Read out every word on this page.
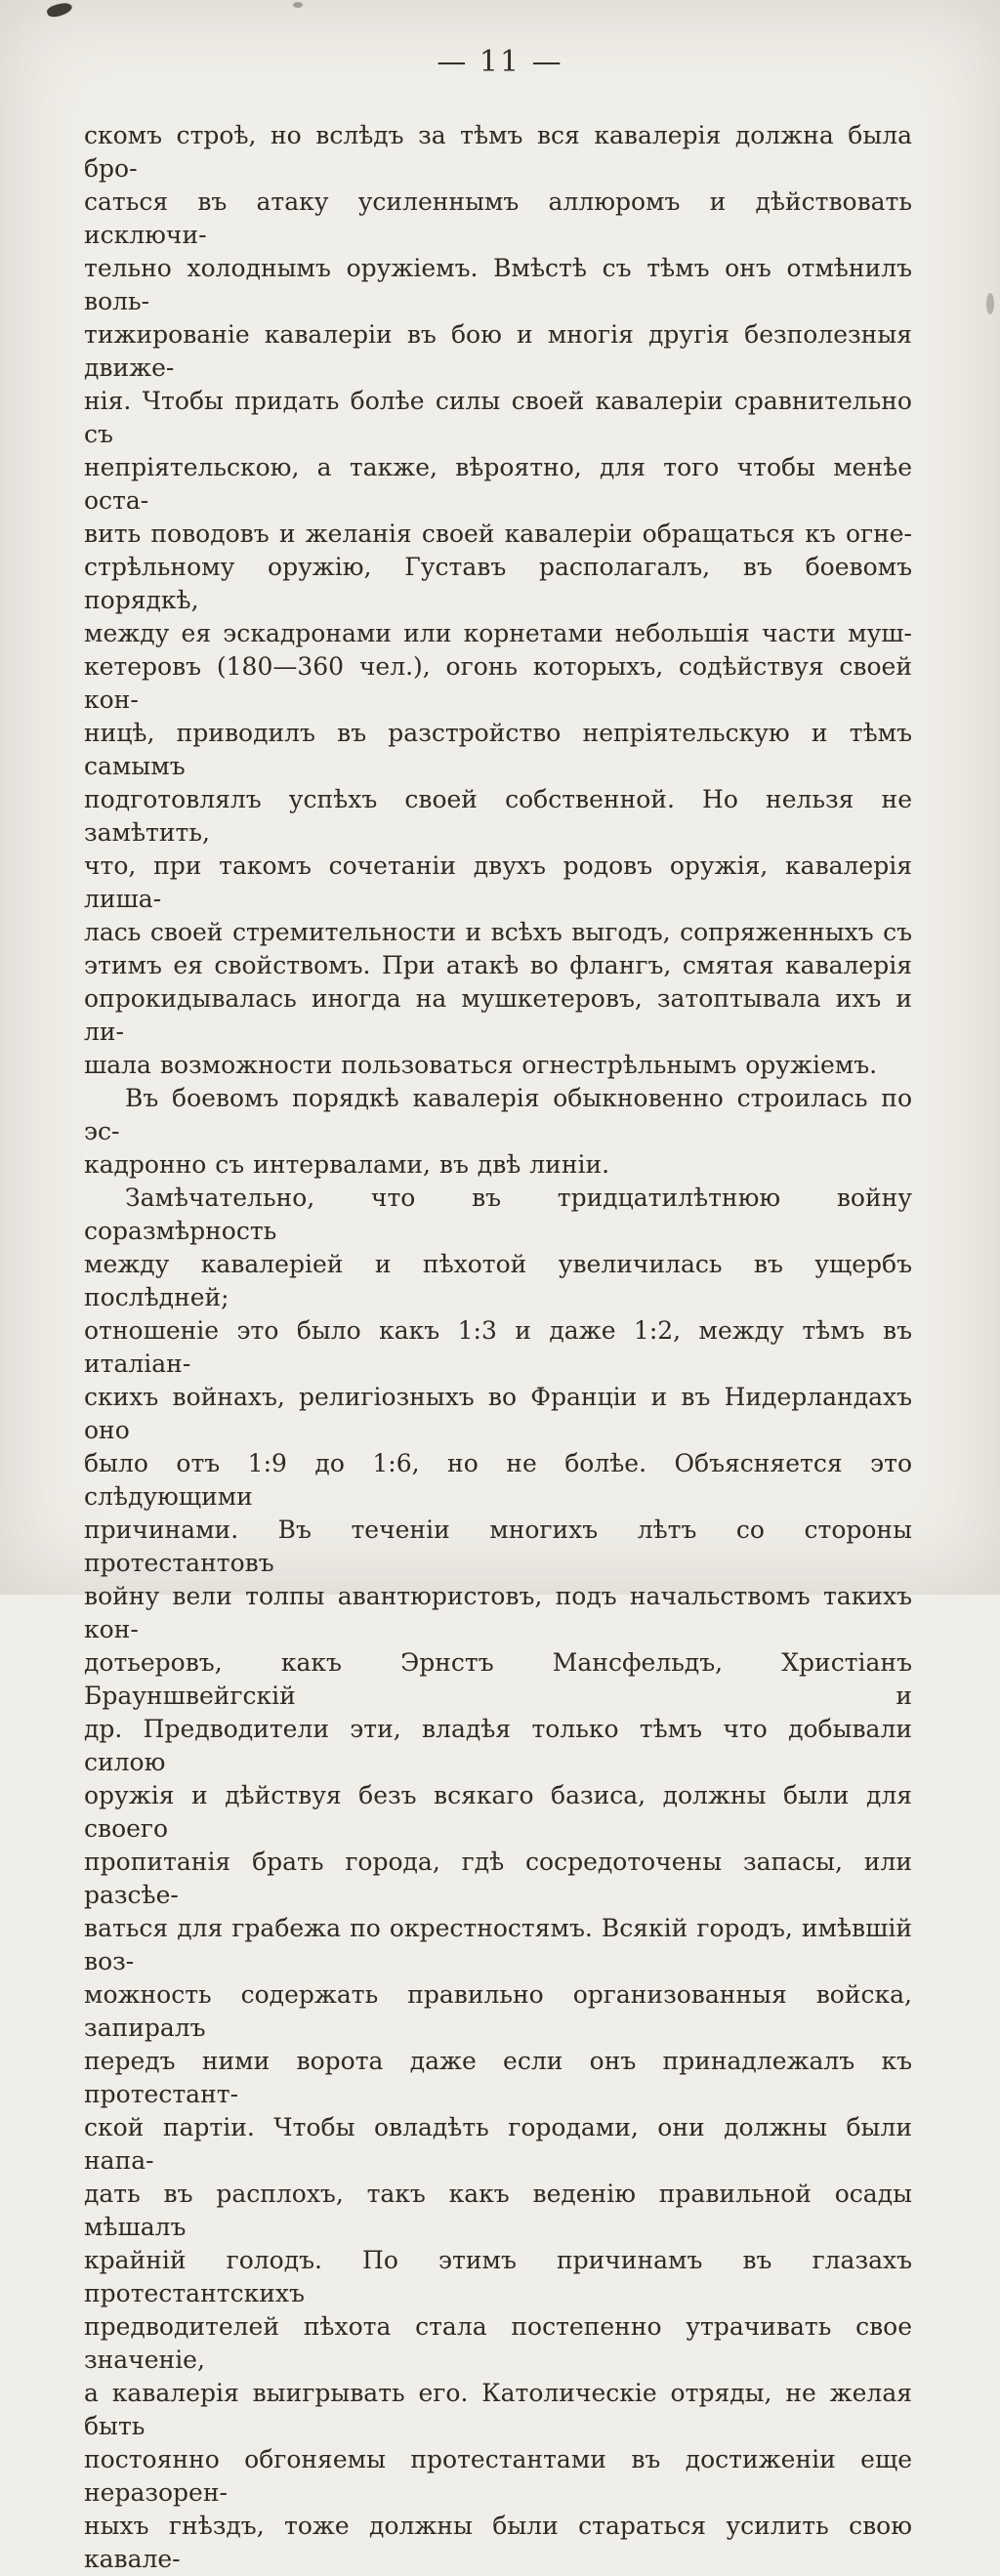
— 11 —
скомъ строѣ, но вслѣдъ за тѣмъ вся кавалерія должна была бро-
саться въ атаку усиленнымъ аллюромъ и дѣйствовать исключи-
тельно холоднымъ оружіемъ. Вмѣстѣ съ тѣмъ онъ отмѣнилъ воль-
тижированіе кавалеріи въ бою и многія другія безполезныя движе-
нія. Чтобы придать болѣе силы своей кавалеріи сравнительно съ
непріятельскою, а также, вѣроятно, для того чтобы менѣе оста-
вить поводовъ и желанія своей кавалеріи обращаться къ огне-
стрѣльному оружію, Густавъ располагалъ, въ боевомъ порядкѣ,
между ея эскадронами или корнетами небольшія части муш-
кетеровъ (180—360 чел.), огонь которыхъ, содѣйствуя своей кон-
ницѣ, приводилъ въ разстройство непріятельскую и тѣмъ самымъ
подготовлялъ успѣхъ своей собственной. Но нельзя не замѣтить,
что, при такомъ сочетаніи двухъ родовъ оружія, кавалерія лиша-
лась своей стремительности и всѣхъ выгодъ, сопряженныхъ съ
этимъ ея свойствомъ. При атакѣ во флангъ, смятая кавалерія
опрокидывалась иногда на мушкетеровъ, затоптывала ихъ и ли-
шала возможности пользоваться огнестрѣльнымъ оружіемъ.
Въ боевомъ порядкѣ кавалерія обыкновенно строилась по эс-
кадронно съ интервалами, въ двѣ линіи.
Замѣчательно, что въ тридцатилѣтнюю войну соразмѣрность
между кавалеріей и пѣхотой увеличилась въ ущербъ послѣдней;
отношеніе это было какъ 1:3 и даже 1:2, между тѣмъ въ италіан-
скихъ войнахъ, религіозныхъ во Франціи и въ Нидерландахъ оно
было отъ 1:9 до 1:6, но не болѣе. Объясняется это слѣдующими
причинами. Въ теченіи многихъ лѣтъ со стороны протестантовъ
войну вели толпы авантюристовъ, подъ начальствомъ такихъ кон-
дотьеровъ, какъ Эрнстъ Мансфельдъ, Христіанъ Брауншвейгскій и
др. Предводители эти, владѣя только тѣмъ что добывали силою
оружія и дѣйствуя безъ всякаго базиса, должны были для своего
пропитанія брать города, гдѣ сосредоточены запасы, или разсѣе-
ваться для грабежа по окрестностямъ. Всякій городъ, имѣвшій воз-
можность содержать правильно организованныя войска, запиралъ
передъ ними ворота даже если онъ принадлежалъ къ протестант-
ской партіи. Чтобы овладѣть городами, они должны были напа-
дать въ расплохъ, такъ какъ веденію правильной осады мѣшалъ
крайній голодъ. По этимъ причинамъ въ глазахъ протестантскихъ
предводителей пѣхота стала постепенно утрачивать свое значеніе,
а кавалерія выигрывать его. Католическіе отряды, не желая быть
постоянно обгоняемы протестантами въ достиженіи еще неразорен-
ныхъ гнѣздъ, тоже должны были стараться усилить свою кавале-
